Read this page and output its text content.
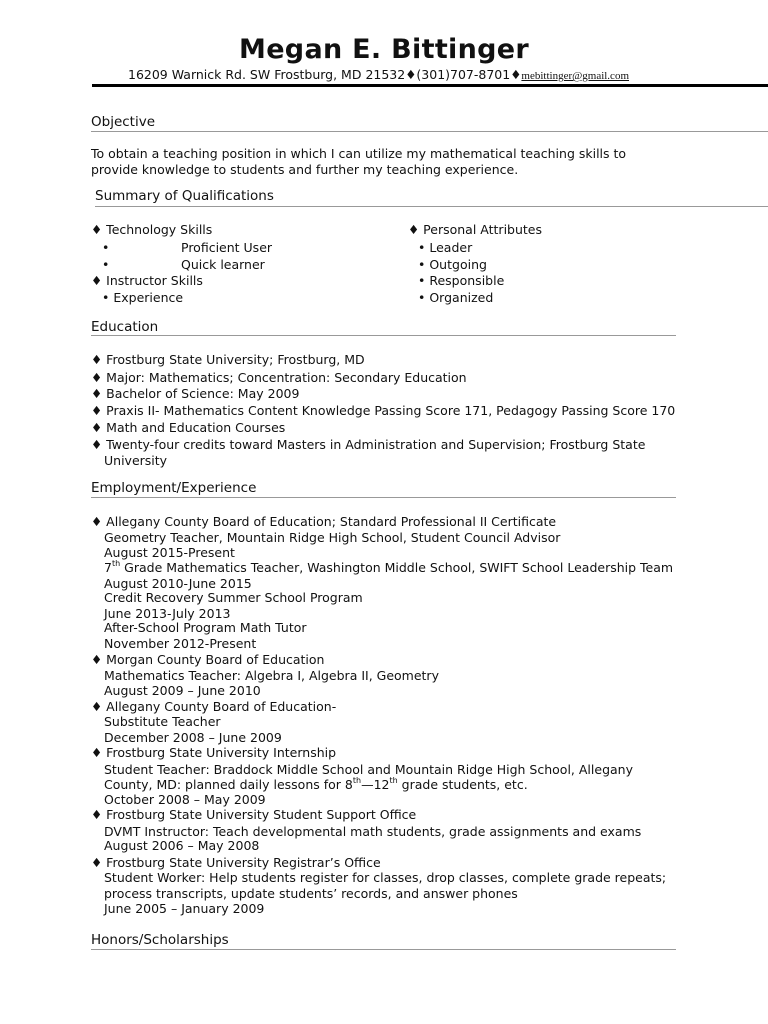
Megan E. Bittinger
16209 Warnick Rd. SW Frostburg, MD 21532♦(301)707-8701♦mebittinger@gmail.com
Objective
To obtain a teaching position in which I can utilize my mathematical teaching skills to
provide knowledge to students and further my teaching experience.
Summary of Qualifications
♦ Technology Skills
•	Proficient User
•	Quick learner
♦ Instructor Skills
• Experience
♦ Personal Attributes
• Leader
• Outgoing
• Responsible
• Organized
Education
♦ Frostburg State University; Frostburg, MD
♦ Major: Mathematics; Concentration: Secondary Education
♦ Bachelor of Science: May 2009
♦ Praxis II- Mathematics Content Knowledge Passing Score 171, Pedagogy Passing Score 170
♦ Math and Education Courses
♦ Twenty-four credits toward Masters in Administration and Supervision; Frostburg State
University
Employment/Experience
♦ Allegany County Board of Education; Standard Professional II Certificate
Geometry Teacher, Mountain Ridge High School, Student Council Advisor
August 2015-Present
7th Grade Mathematics Teacher, Washington Middle School, SWIFT School Leadership Team
August 2010-June 2015
Credit Recovery Summer School Program
June 2013-July 2013
After-School Program Math Tutor
November 2012-Present
♦ Morgan County Board of Education
Mathematics Teacher: Algebra I, Algebra II, Geometry
August 2009 – June 2010
♦ Allegany County Board of Education-
Substitute Teacher
December 2008 – June 2009
♦ Frostburg State University Internship
Student Teacher: Braddock Middle School and Mountain Ridge High School, Allegany
County, MD: planned daily lessons for 8th—12th grade students, etc.
October 2008 – May 2009
♦ Frostburg State University Student Support Office
DVMT Instructor: Teach developmental math students, grade assignments and exams
August 2006 – May 2008
♦ Frostburg State University Registrar’s Office
Student Worker: Help students register for classes, drop classes, complete grade repeats;
process transcripts, update students’ records, and answer phones
June 2005 – January 2009
Honors/Scholarships
